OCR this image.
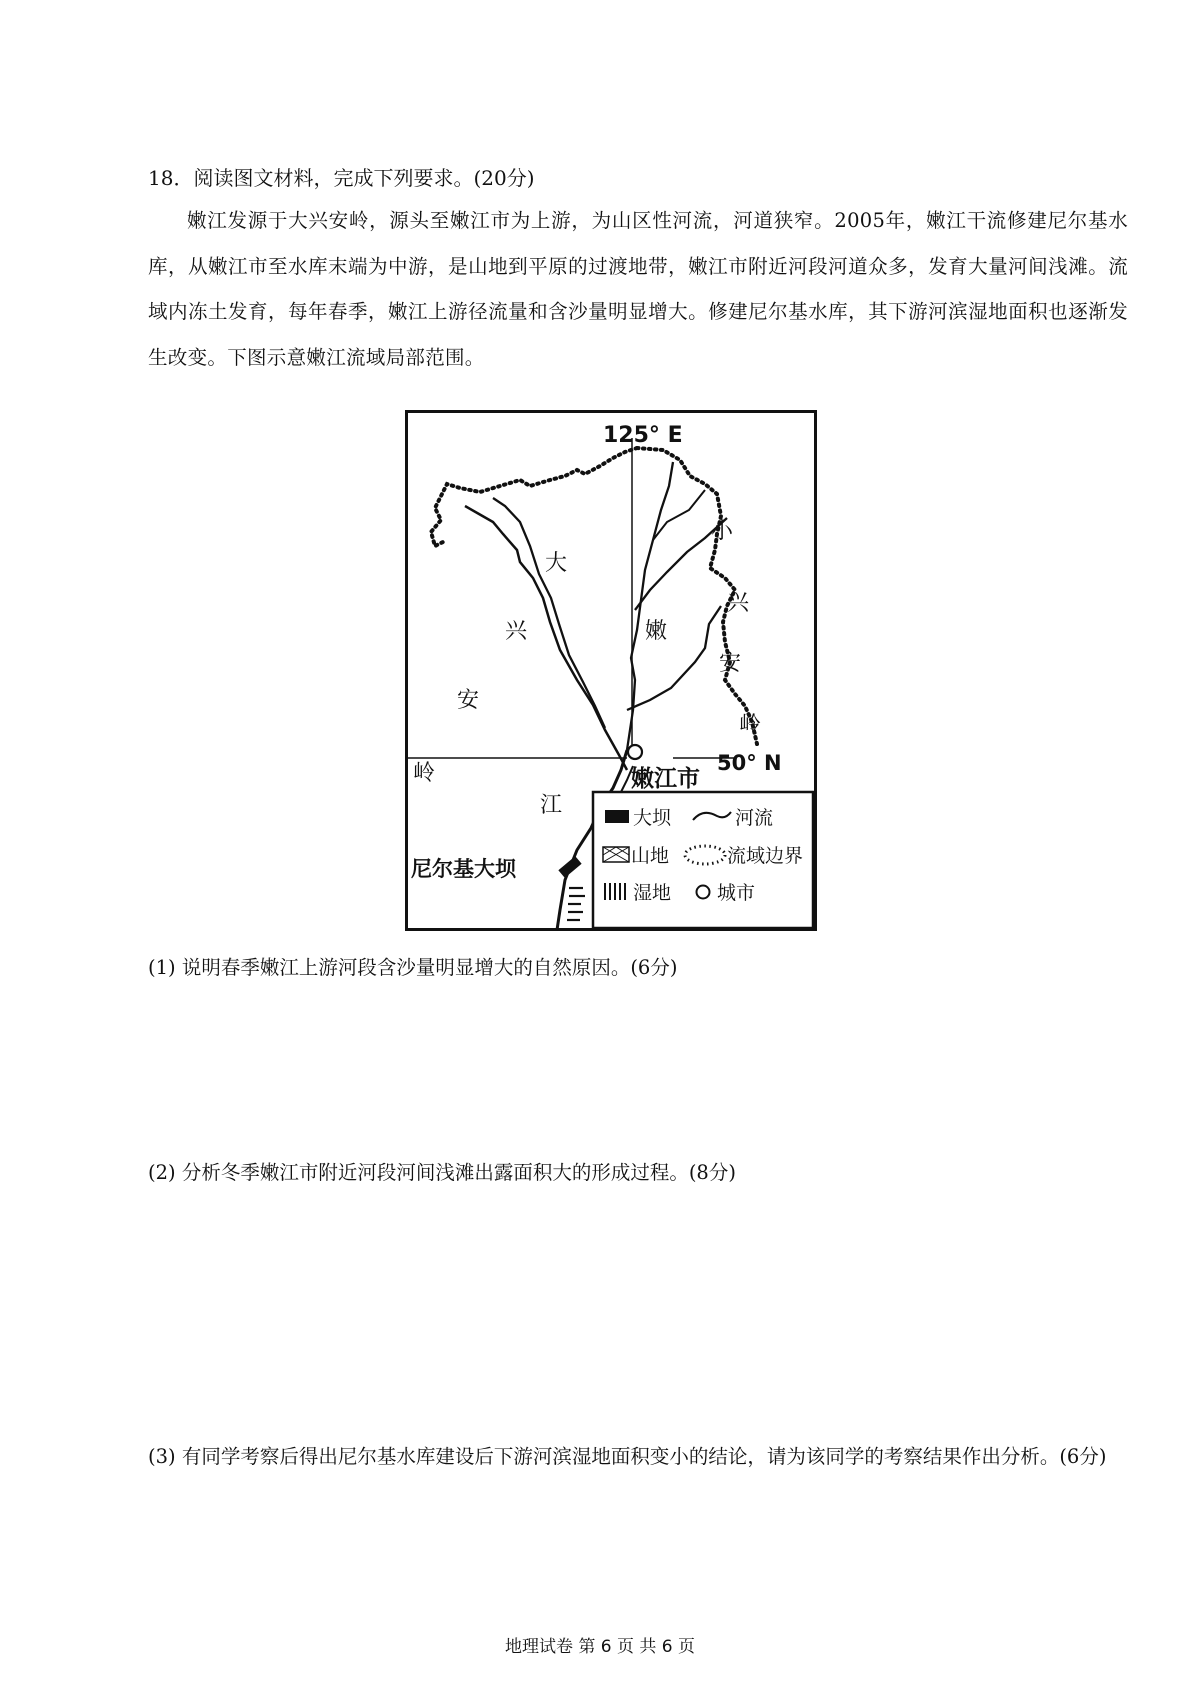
18．阅读图文材料，完成下列要求。(20分)
嫩江发源于大兴安岭，源头至嫩江市为上游，为山区性河流，河道狭窄。2005年，嫩江干流修建尼尔基水库，从嫩江市至水库末端为中游，是山地到平原的过渡地带，嫩江市附近河段河道众多，发育大量河间浅滩。流域内冻土发育，每年春季，嫩江上游径流量和含沙量明显增大。修建尼尔基水库，其下游河滨湿地面积也逐渐发生改变。下图示意嫩江流域局部范围。
125° E
50° N
大
兴
安
岭
嫩
江
小
兴
安
岭
嫩江市
尼尔基大坝
大坝	河流
山地	流域边界
湿地 城市
(1) 说明春季嫩江上游河段含沙量明显增大的自然原因。(6分)
(2) 分析冬季嫩江市附近河段河间浅滩出露面积大的形成过程。(8分)
(3) 有同学考察后得出尼尔基水库建设后下游河滨湿地面积变小的结论，请为该同学的考察结果作出分析。(6分)
地理试卷 第 6 页 共 6 页
